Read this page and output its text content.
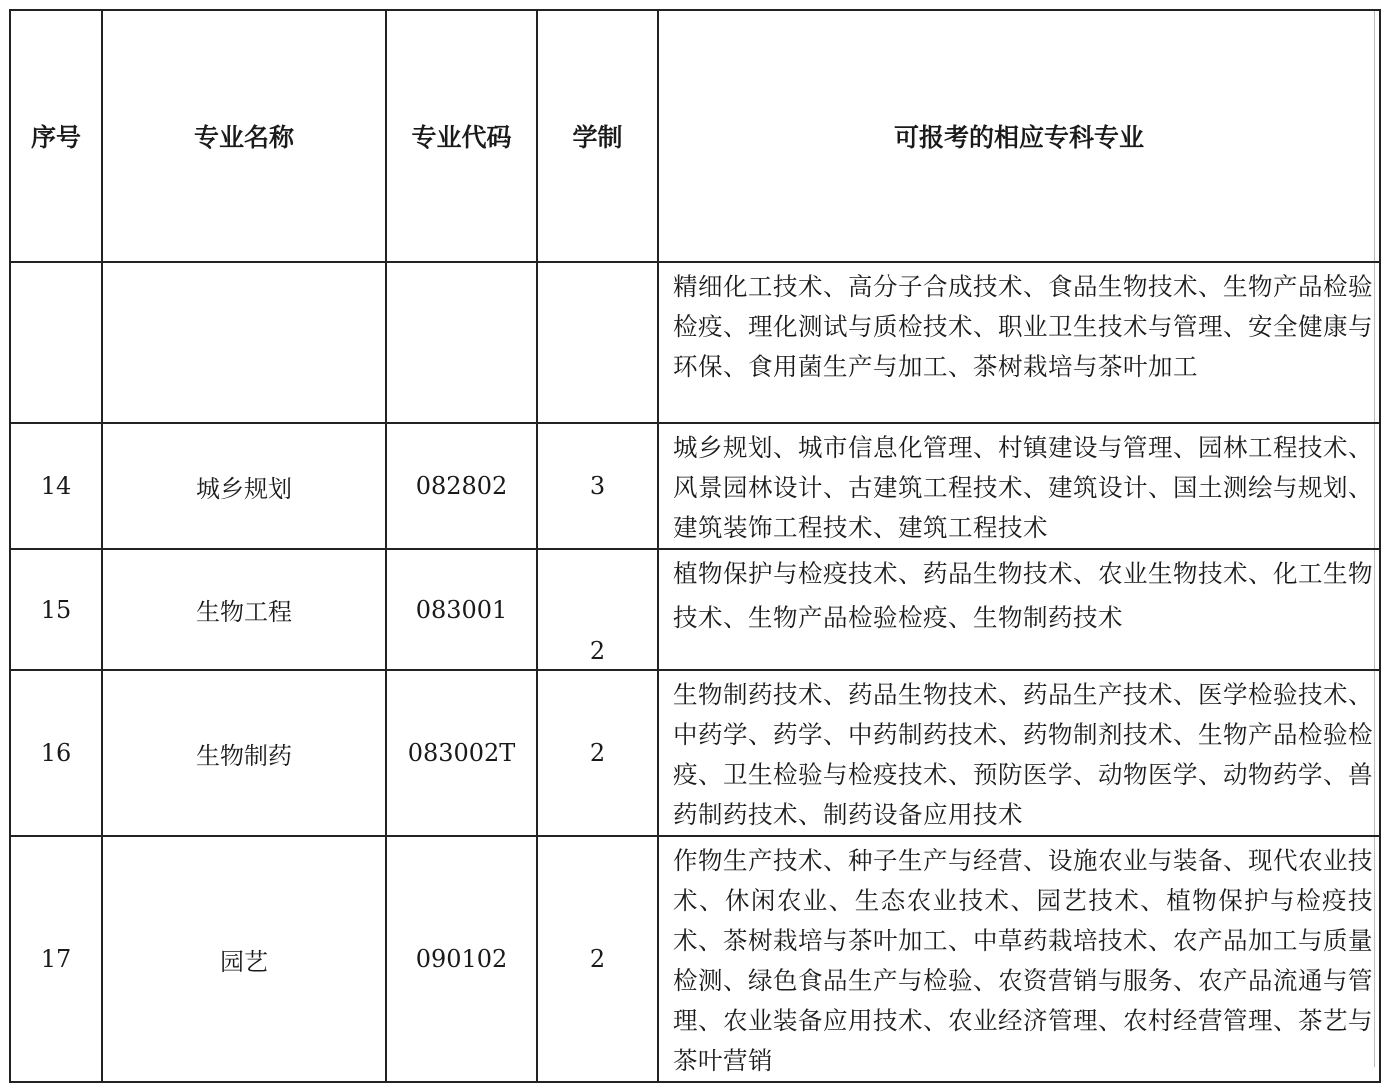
序号	专业名称	专业代码	学制	可报考的相应专科专业
				精细化工技术、高分子合成技术、食品生物技术、生物产品检验检疫、理化测试与质检技术、职业卫生技术与管理、安全健康与环保、食用菌生产与加工、茶树栽培与茶叶加工
14	城乡规划	082802	3	城乡规划、城市信息化管理、村镇建设与管理、园林工程技术、风景园林设计、古建筑工程技术、建筑设计、国土测绘与规划、建筑装饰工程技术、建筑工程技术
15	生物工程	083001	2	植物保护与检疫技术、药品生物技术、农业生物技术、化工生物技术、生物产品检验检疫、生物制药技术
16	生物制药	083002T	2	生物制药技术、药品生物技术、药品生产技术、医学检验技术、中药学、药学、中药制药技术、药物制剂技术、生物产品检验检疫、卫生检验与检疫技术、预防医学、动物医学、动物药学、兽药制药技术、制药设备应用技术
17	园艺	090102	2	作物生产技术、种子生产与经营、设施农业与装备、现代农业技术、休闲农业、生态农业技术、园艺技术、植物保护与检疫技术、茶树栽培与茶叶加工、中草药栽培技术、农产品加工与质量检测、绿色食品生产与检验、农资营销与服务、农产品流通与管理、农业装备应用技术、农业经济管理、农村经营管理、茶艺与茶叶营销
